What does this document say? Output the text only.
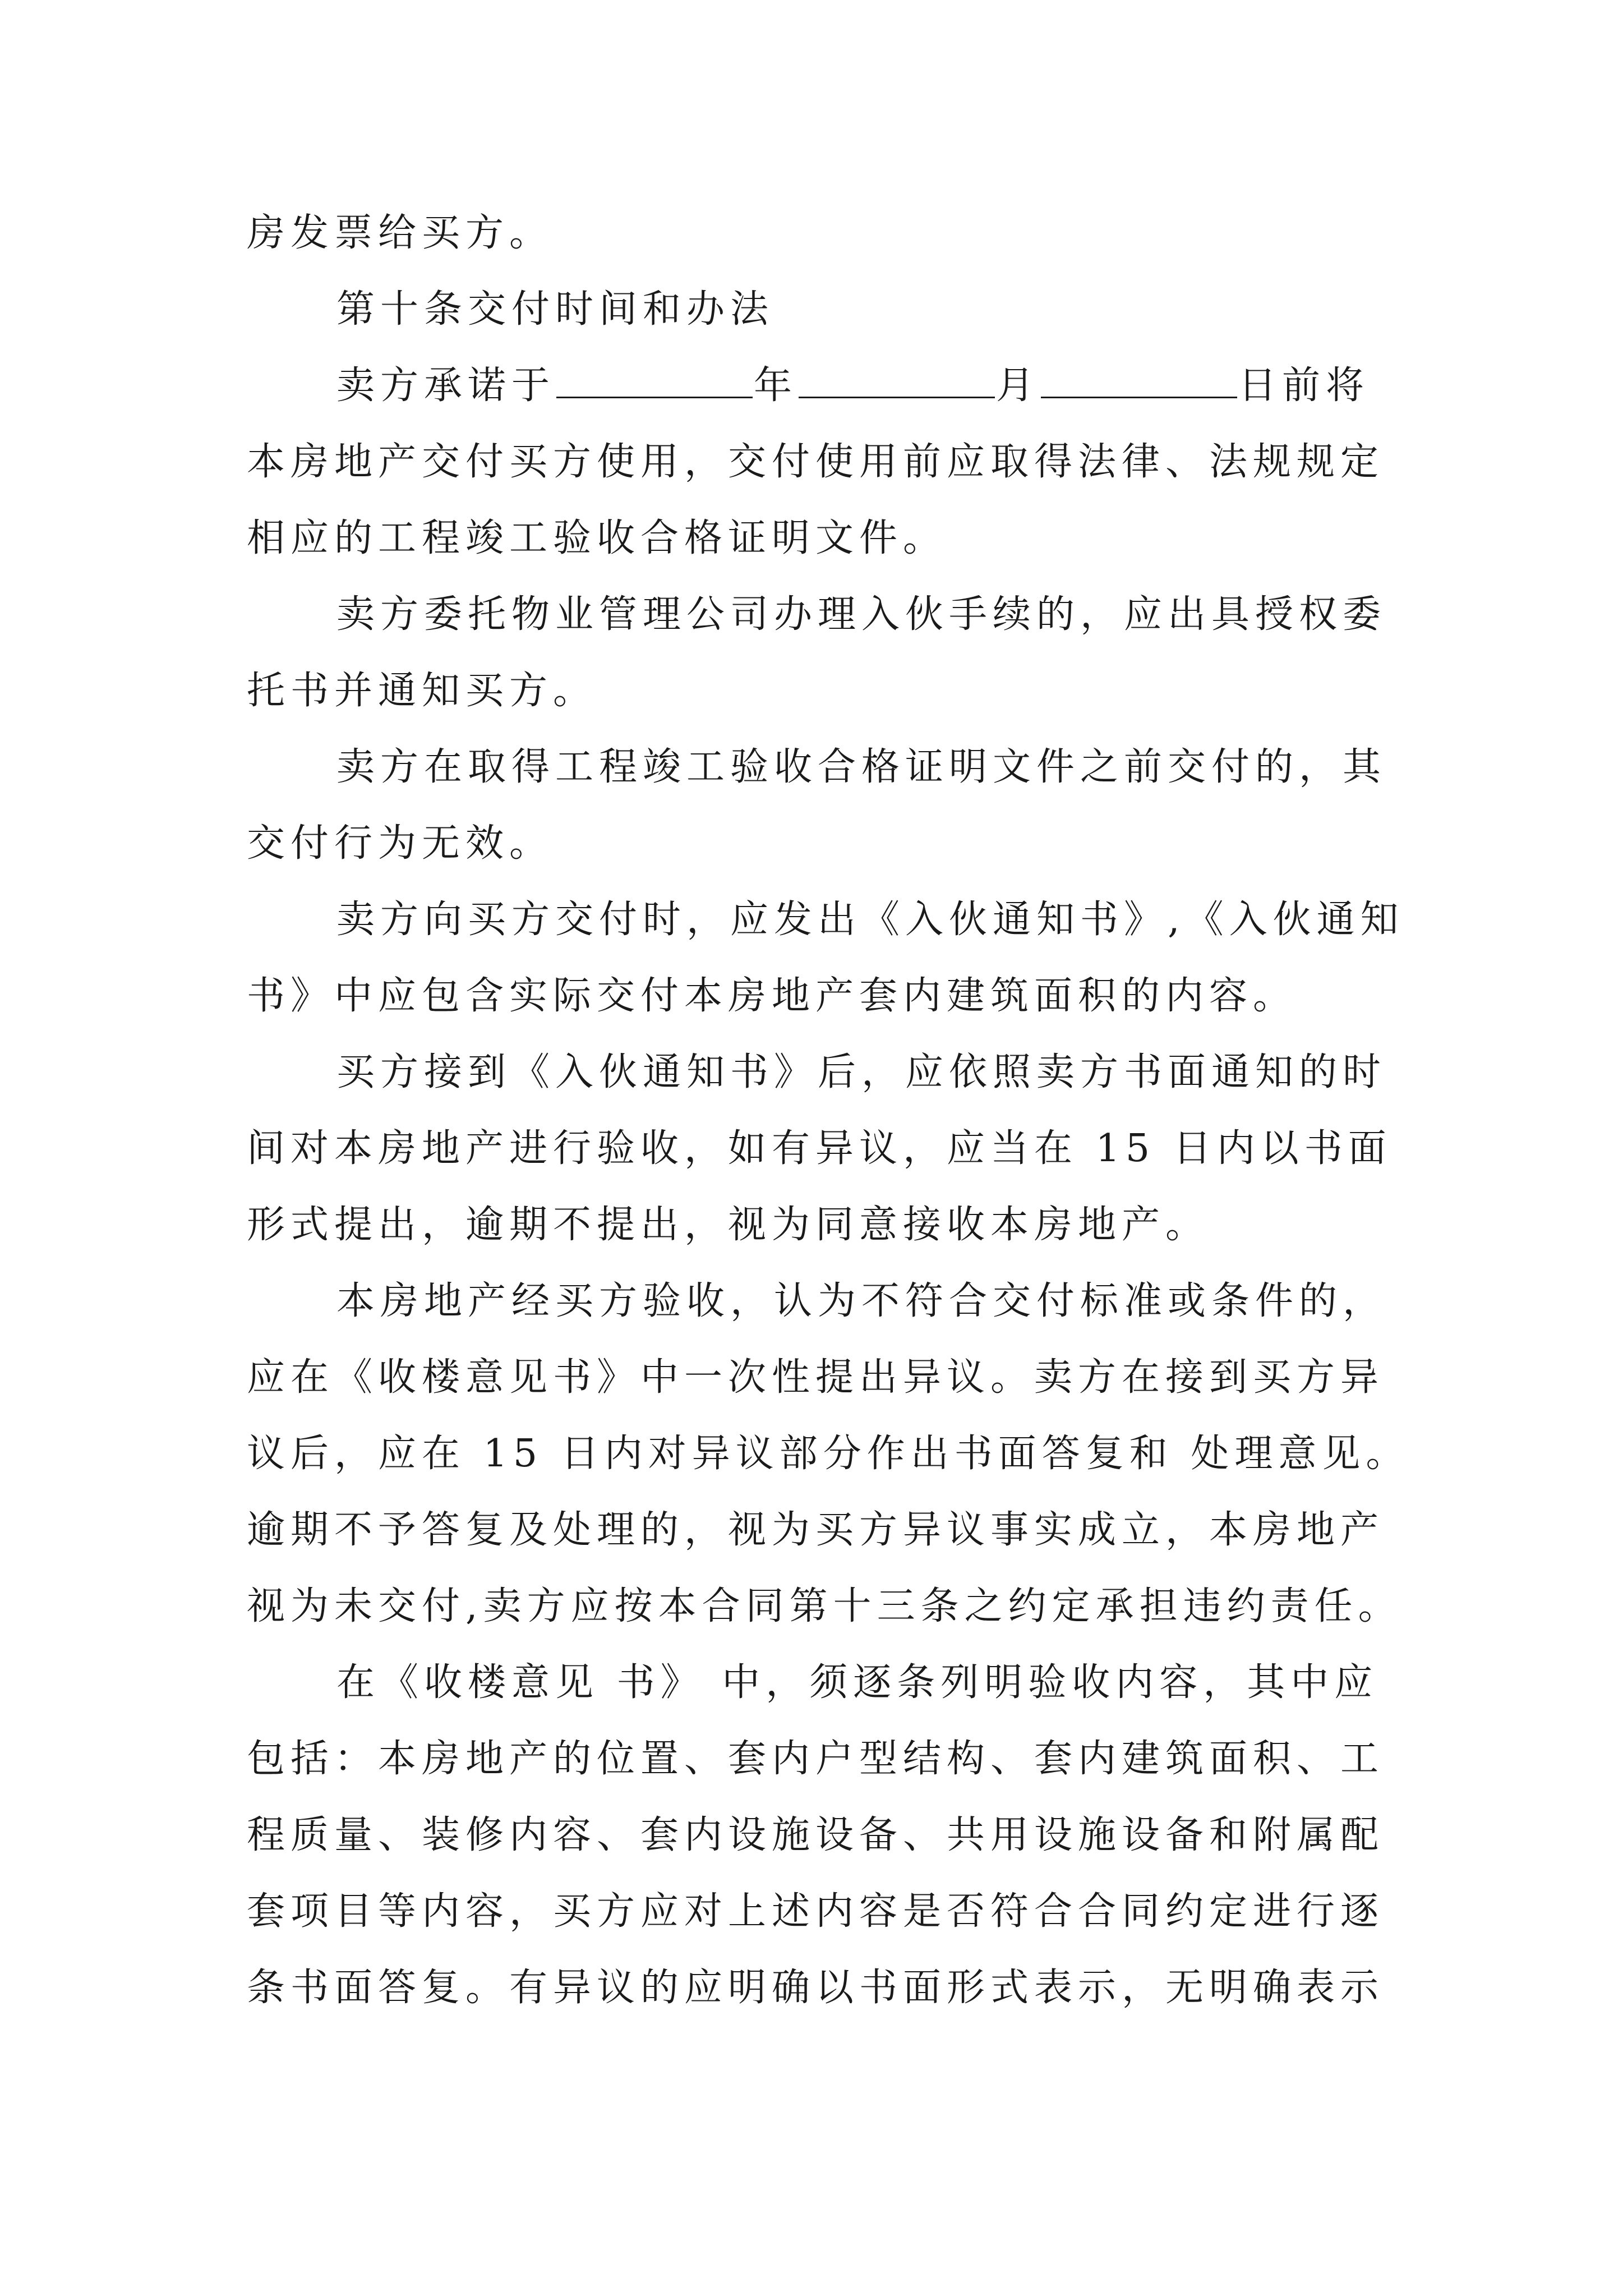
房发票给买方。
第十条交付时间和办法
卖方承诺于	年	月	日前将
本房地产交付买方使用，交付使用前应取得法律、法规规定
相应的工程竣工验收合格证明文件。
卖方委托物业管理公司办理入伙手续的，应出具授权委
托书并通知买方。
卖方在取得工程竣工验收合格证明文件之前交付的，其
交付行为无效。
卖方向买方交付时，应发出《入伙通知书》,《入伙通知
书》中应包含实际交付本房地产套内建筑面积的内容。
买方接到《入伙通知书》后，应依照卖方书面通知的时
间对本房地产进行验收，如有异议，应当在 15 日内以书面
形式提出，逾期不提出，视为同意接收本房地产。
本房地产经买方验收，认为不符合交付标准或条件的，
应在《收楼意见书》中一次性提出异议。卖方在接到买方异
议后，应在 15 日内对异议部分作出书面答复和 处理意见。
逾期不予答复及处理的，视为买方异议事实成立，本房地产
视为未交付,卖方应按本合同第十三条之约定承担违约责任。
在《收楼意见 书》 中，须逐条列明验收内容，其中应
包括：本房地产的位置、套内户型结构、套内建筑面积、工
程质量、装修内容、套内设施设备、共用设施设备和附属配
套项目等内容，买方应对上述内容是否符合合同约定进行逐
条书面答复。有异议的应明确以书面形式表示，无明确表示
